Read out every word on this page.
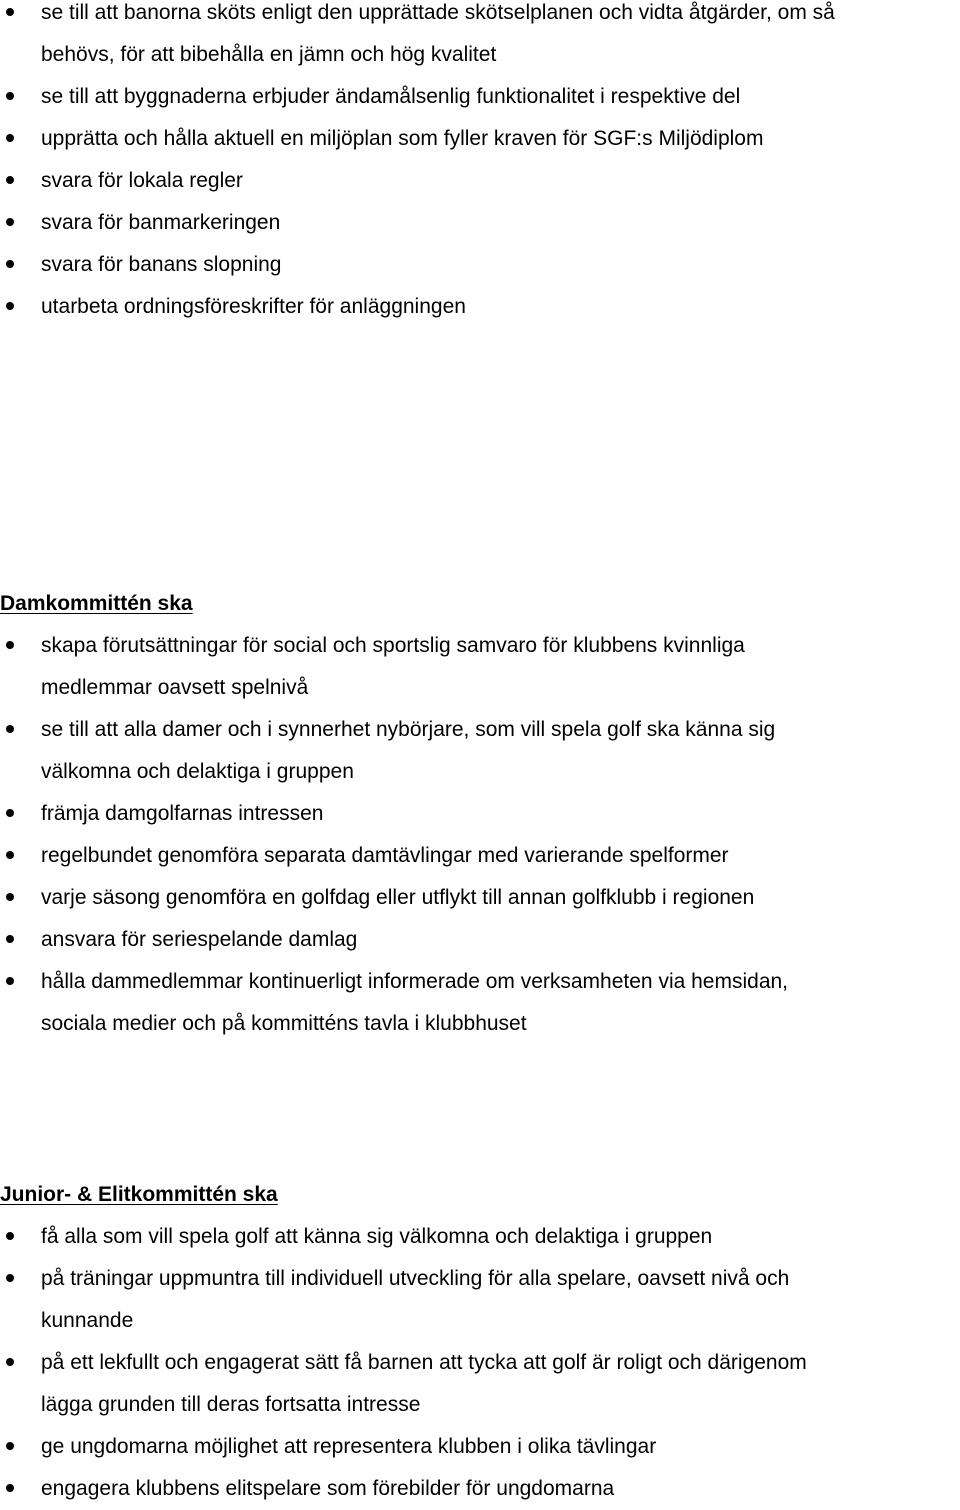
se till att banorna sköts enligt den upprättade skötselplanen och vidta åtgärder, om så
behövs, för att bibehålla en jämn och hög kvalitet
se till att byggnaderna erbjuder ändamålsenlig funktionalitet i respektive del
upprätta och hålla aktuell en miljöplan som fyller kraven för SGF:s Miljödiplom
svara för lokala regler
svara för banmarkeringen
svara för banans slopning
utarbeta ordningsföreskrifter för anläggningen
Damkommittén ska
skapa förutsättningar för social och sportslig samvaro för klubbens kvinnliga
medlemmar oavsett spelnivå
se till att alla damer och i synnerhet nybörjare, som vill spela golf ska känna sig
välkomna och delaktiga i gruppen
främja damgolfarnas intressen
regelbundet genomföra separata damtävlingar med varierande spelformer
varje säsong genomföra en golfdag eller utflykt till annan golfklubb i regionen
ansvara för seriespelande damlag
hålla dammedlemmar kontinuerligt informerade om verksamheten via hemsidan,
sociala medier och på kommitténs tavla i klubbhuset
Junior- & Elitkommittén ska
få alla som vill spela golf att känna sig välkomna och delaktiga i gruppen
på träningar uppmuntra till individuell utveckling för alla spelare, oavsett nivå och
kunnande
på ett lekfullt och engagerat sätt få barnen att tycka att golf är roligt och därigenom
lägga grunden till deras fortsatta intresse
ge ungdomarna möjlighet att representera klubben i olika tävlingar
engagera klubbens elitspelare som förebilder för ungdomarna
